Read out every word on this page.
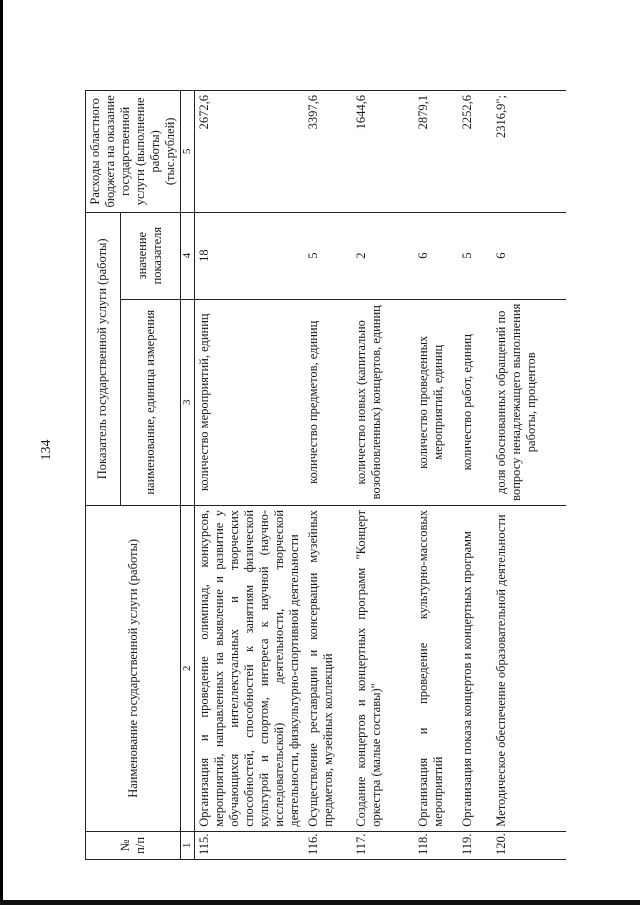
134
№ п/п	Наименование государственной услуги (работы)	Показатель государственной услуги (работы)		Расходы областного бюджета на оказание государственной услуги (выполнение работы) (тыс.рублей)
		наименование, единица измерения	значение показателя	
1	2	3	4	5
115.	Организация и проведение олимпиад, конкурсов, мероприятий, направленных на выявление и развитие у обучающихся интеллектуальных и творческих способностей, способностей к занятиям физической культурой и спортом, интереса к научной (научно-исследовательской) деятельности, творческой деятельности, физкультурно-спортивной деятельности	количество мероприятий, единиц	18	2672,6
116.	Осуществление реставрации и консервации музейных предметов, музейных коллекций	количество предметов, единиц	5	3397,6
117.	Создание концертов и концертных программ "Концерт оркестра (малые составы)"	количество новых (капитально возобновленных) концертов, единиц	2	1644,6
118.	Организация и проведение культурно-массовых мероприятий	количество проведенных мероприятий, единиц	6	2879,1
119.	Организация показа концертов и концертных программ	количество работ, единиц	5	2252,6
120.	Методическое обеспечение образовательной деятельности	доля обоснованных обращений по вопросу ненадлежащего выполнения работы, процентов	6	2316,9";
